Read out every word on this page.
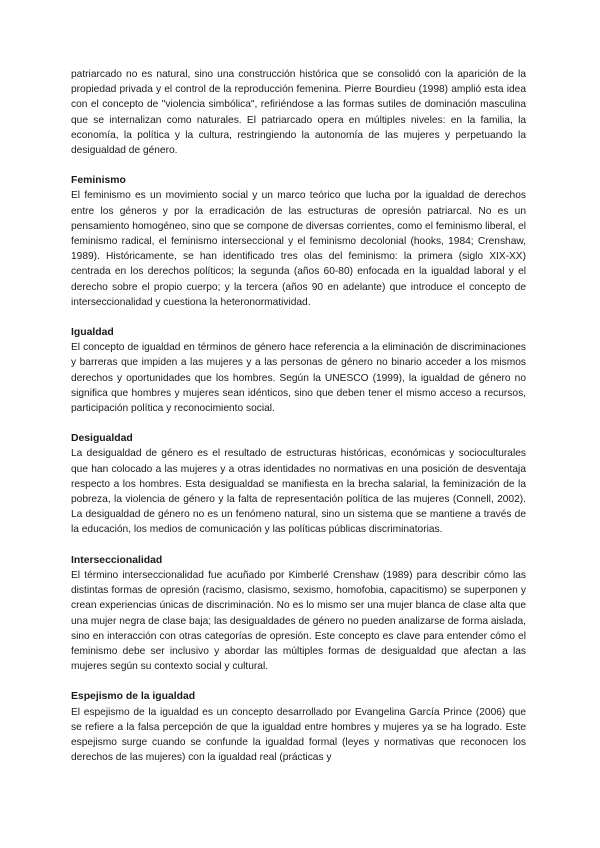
patriarcado no es natural, sino una construcción histórica que se consolidó con la aparición de la propiedad privada y el control de la reproducción femenina. Pierre Bourdieu (1998) amplió esta idea con el concepto de "violencia simbólica", refiriéndose a las formas sutiles de dominación masculina que se internalizan como naturales. El patriarcado opera en múltiples niveles: en la familia, la economía, la política y la cultura, restringiendo la autonomía de las mujeres y perpetuando la desigualdad de género.

Feminismo

El feminismo es un movimiento social y un marco teórico que lucha por la igualdad de derechos entre los géneros y por la erradicación de las estructuras de opresión patriarcal. No es un pensamiento homogéneo, sino que se compone de diversas corrientes, como el feminismo liberal, el feminismo radical, el feminismo interseccional y el feminismo decolonial (hooks, 1984; Crenshaw, 1989). Históricamente, se han identificado tres olas del feminismo: la primera (siglo XIX-XX) centrada en los derechos políticos; la segunda (años 60-80) enfocada en la igualdad laboral y el derecho sobre el propio cuerpo; y la tercera (años 90 en adelante) que introduce el concepto de interseccionalidad y cuestiona la heteronormatividad.

Igualdad

El concepto de igualdad en términos de género hace referencia a la eliminación de discriminaciones y barreras que impiden a las mujeres y a las personas de género no binario acceder a los mismos derechos y oportunidades que los hombres. Según la UNESCO (1999), la igualdad de género no significa que hombres y mujeres sean idénticos, sino que deben tener el mismo acceso a recursos, participación política y reconocimiento social.

Desigualdad

La desigualdad de género es el resultado de estructuras históricas, económicas y socioculturales que han colocado a las mujeres y a otras identidades no normativas en una posición de desventaja respecto a los hombres. Esta desigualdad se manifiesta en la brecha salarial, la feminización de la pobreza, la violencia de género y la falta de representación política de las mujeres (Connell, 2002). La desigualdad de género no es un fenómeno natural, sino un sistema que se mantiene a través de la educación, los medios de comunicación y las políticas públicas discriminatorias.

Interseccionalidad

El término interseccionalidad fue acuñado por Kimberlé Crenshaw (1989) para describir cómo las distintas formas de opresión (racismo, clasismo, sexismo, homofobia, capacitismo) se superponen y crean experiencias únicas de discriminación. No es lo mismo ser una mujer blanca de clase alta que una mujer negra de clase baja; las desigualdades de género no pueden analizarse de forma aislada, sino en interacción con otras categorías de opresión. Este concepto es clave para entender cómo el feminismo debe ser inclusivo y abordar las múltiples formas de desigualdad que afectan a las mujeres según su contexto social y cultural.

Espejismo de la igualdad

El espejismo de la igualdad es un concepto desarrollado por Evangelina García Prince (2006) que se refiere a la falsa percepción de que la igualdad entre hombres y mujeres ya se ha logrado. Este espejismo surge cuando se confunde la igualdad formal (leyes y normativas que reconocen los derechos de las mujeres) con la igualdad real (prácticas y
